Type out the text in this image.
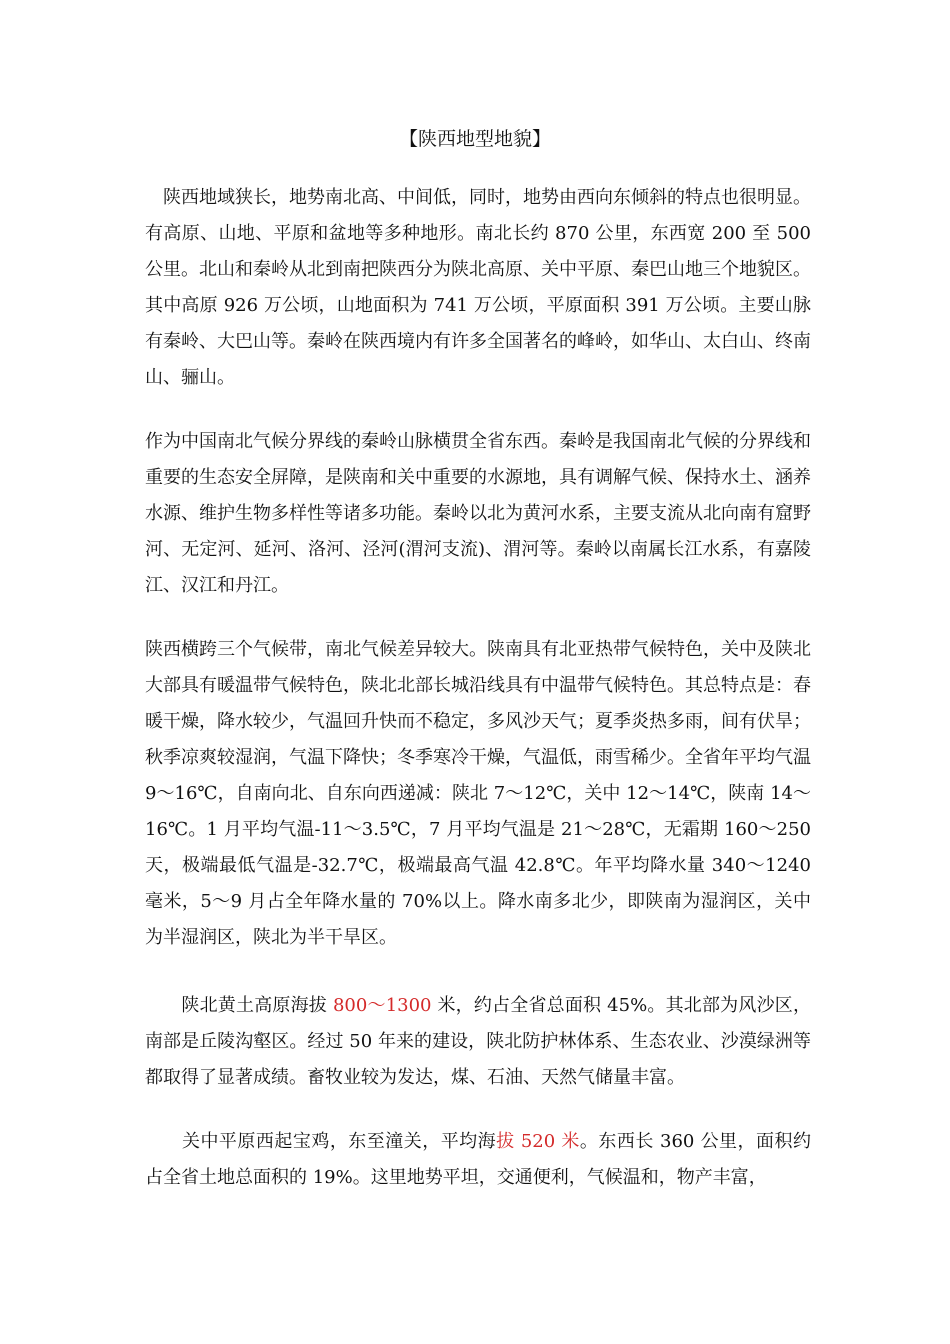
【陕西地型地貌】

　陕西地域狭长，地势南北高、中间低，同时，地势由西向东倾斜的特点也很明显。有高原、山地、平原和盆地等多种地形。南北长约 870 公里，东西宽 200 至 500 公里。北山和秦岭从北到南把陕西分为陕北高原、关中平原、秦巴山地三个地貌区。其中高原 926 万公顷，山地面积为 741 万公顷，平原面积 391 万公顷。主要山脉有秦岭、大巴山等。秦岭在陕西境内有许多全国著名的峰岭，如华山、太白山、终南山、骊山。

作为中国南北气候分界线的秦岭山脉横贯全省东西。秦岭是我国南北气候的分界线和重要的生态安全屏障，是陕南和关中重要的水源地，具有调解气候、保持水土、涵养水源、维护生物多样性等诸多功能。秦岭以北为黄河水系，主要支流从北向南有窟野河、无定河、延河、洛河、泾河(渭河支流)、渭河等。秦岭以南属长江水系，有嘉陵江、汉江和丹江。

陕西横跨三个气候带，南北气候差异较大。陕南具有北亚热带气候特色，关中及陕北大部具有暖温带气候特色，陕北北部长城沿线具有中温带气候特色。其总特点是：春暖干燥，降水较少，气温回升快而不稳定，多风沙天气；夏季炎热多雨，间有伏旱；秋季凉爽较湿润，气温下降快；冬季寒冷干燥，气温低，雨雪稀少。全省年平均气温 9～16℃，自南向北、自东向西递减：陕北 7～12℃，关中 12～14℃，陕南 14～16℃。1 月平均气温-11～3.5℃，7 月平均气温是 21～28℃，无霜期 160～250 天，极端最低气温是-32.7℃，极端最高气温 42.8℃。年平均降水量 340～1240 毫米，5～9 月占全年降水量的 70%以上。降水南多北少，即陕南为湿润区，关中为半湿润区，陕北为半干旱区。

　　陕北黄土高原海拔 800～1300 米，约占全省总面积 45%。其北部为风沙区，南部是丘陵沟壑区。经过 50 年来的建设，陕北防护林体系、生态农业、沙漠绿洲等都取得了显著成绩。畜牧业较为发达，煤、石油、天然气储量丰富。

　　关中平原西起宝鸡，东至潼关，平均海拔 520 米。东西长 360 公里，面积约占全省土地总面积的 19%。这里地势平坦，交通便利，气候温和，物产丰富，
